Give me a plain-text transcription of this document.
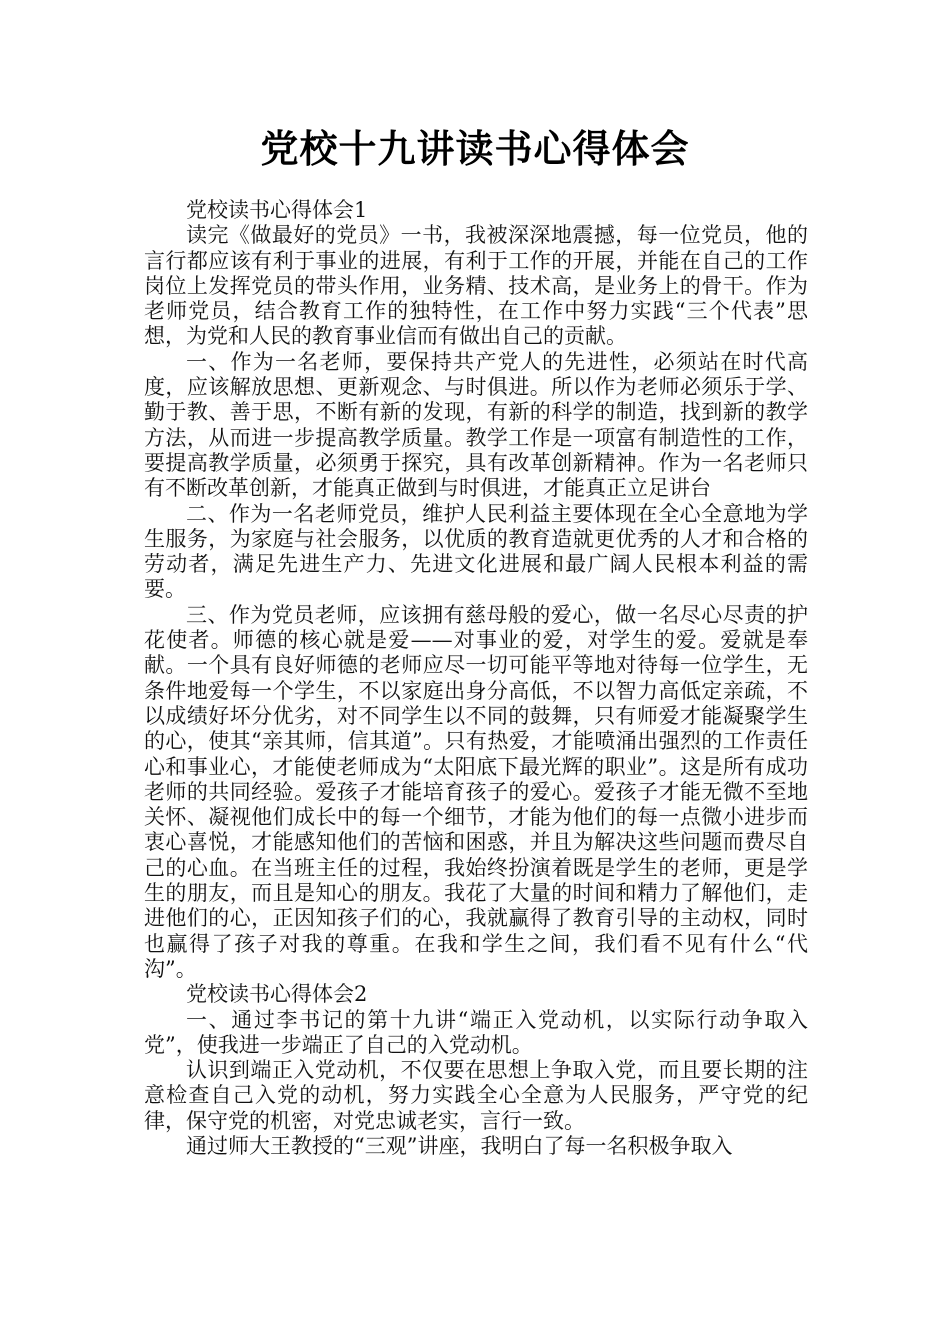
党校十九讲读书心得体会

党校读书心得体会1

读完《做最好的党员》一书，我被深深地震撼，每一位党员，他的言行都应该有利于事业的进展，有利于工作的开展，并能在自己的工作岗位上发挥党员的带头作用，业务精、技术高，是业务上的骨干。作为老师党员，结合教育工作的独特性，在工作中努力实践“三个代表”思想，为党和人民的教育事业信而有做出自己的贡献。

一、作为一名老师，要保持共产党人的先进性，必须站在时代高度，应该解放思想、更新观念、与时俱进。所以作为老师必须乐于学、勤于教、善于思，不断有新的发现，有新的科学的制造，找到新的教学方法，从而进一步提高教学质量。教学工作是一项富有制造性的工作，要提高教学质量，必须勇于探究，具有改革创新精神。作为一名老师只有不断改革创新，才能真正做到与时俱进，才能真正立足讲台

二、作为一名老师党员，维护人民利益主要体现在全心全意地为学生服务，为家庭与社会服务，以优质的教育造就更优秀的人才和合格的劳动者，满足先进生产力、先进文化进展和最广阔人民根本利益的需要。

三、作为党员老师，应该拥有慈母般的爱心，做一名尽心尽责的护花使者。师德的核心就是爱——对事业的爱，对学生的爱。爱就是奉献。一个具有良好师德的老师应尽一切可能平等地对待每一位学生，无条件地爱每一个学生，不以家庭出身分高低，不以智力高低定亲疏，不以成绩好坏分优劣，对不同学生以不同的鼓舞，只有师爱才能凝聚学生的心，使其“亲其师，信其道”。只有热爱，才能喷涌出强烈的工作责任心和事业心，才能使老师成为“太阳底下最光辉的职业”。这是所有成功老师的共同经验。爱孩子才能培育孩子的爱心。爱孩子才能无微不至地关怀、凝视他们成长中的每一个细节，才能为他们的每一点微小进步而衷心喜悦，才能感知他们的苦恼和困惑，并且为解决这些问题而费尽自己的心血。在当班主任的过程，我始终扮演着既是学生的老师，更是学生的朋友，而且是知心的朋友。我花了大量的时间和精力了解他们，走进他们的心，正因知孩子们的心，我就赢得了教育引导的主动权，同时也赢得了孩子对我的尊重。在我和学生之间，我们看不见有什么“代沟”。

党校读书心得体会2

一、通过李书记的第十九讲“端正入党动机，以实际行动争取入党”，使我进一步端正了自己的入党动机。

认识到端正入党动机，不仅要在思想上争取入党，而且要长期的注意检查自己入党的动机，努力实践全心全意为人民服务，严守党的纪律，保守党的机密，对党忠诚老实，言行一致。

通过师大王教授的“三观”讲座，我明白了每一名积极争取入
